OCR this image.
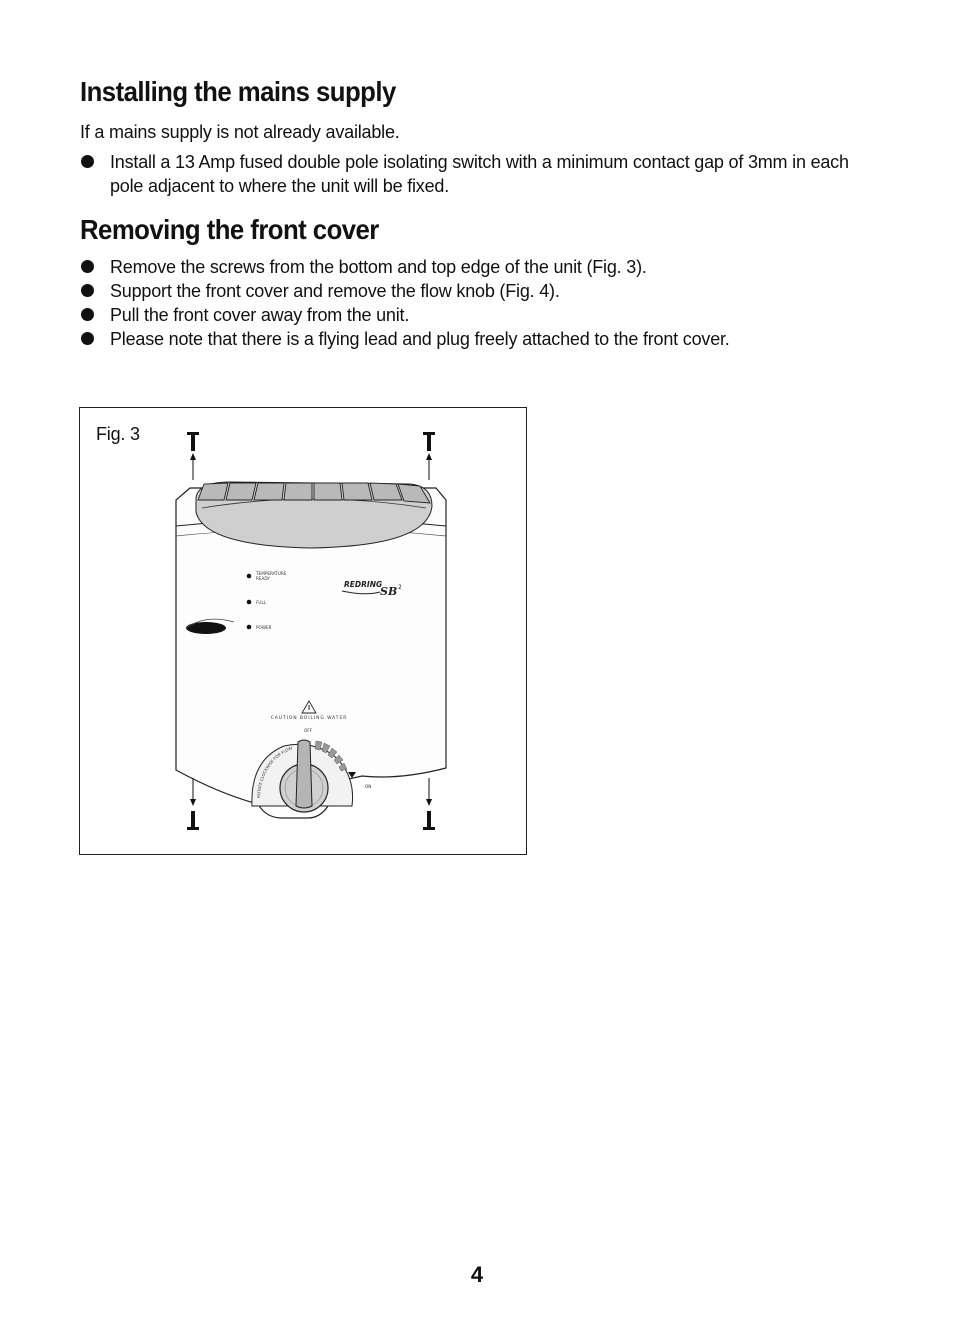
Installing the mains supply

If a mains supply is not already available.

Install a 13 Amp fused double pole isolating switch with a minimum contact gap of 3mm in each pole adjacent to where the unit will be fixed.
Removing the front cover
Remove the screws from the bottom and top edge of the unit (Fig. 3).
Support the front cover and remove the flow knob (Fig. 4).
Pull the front cover away from the unit.
Please note that there is a flying lead and plug freely attached to the front cover.
TEMPERATURE
READY
FULL
POWER
REDRING
SB 2
CAUTION BOILING WATER
OFF
ON
ROTATE CLOCKWISE FOR FLOW
Fig. 3
4
